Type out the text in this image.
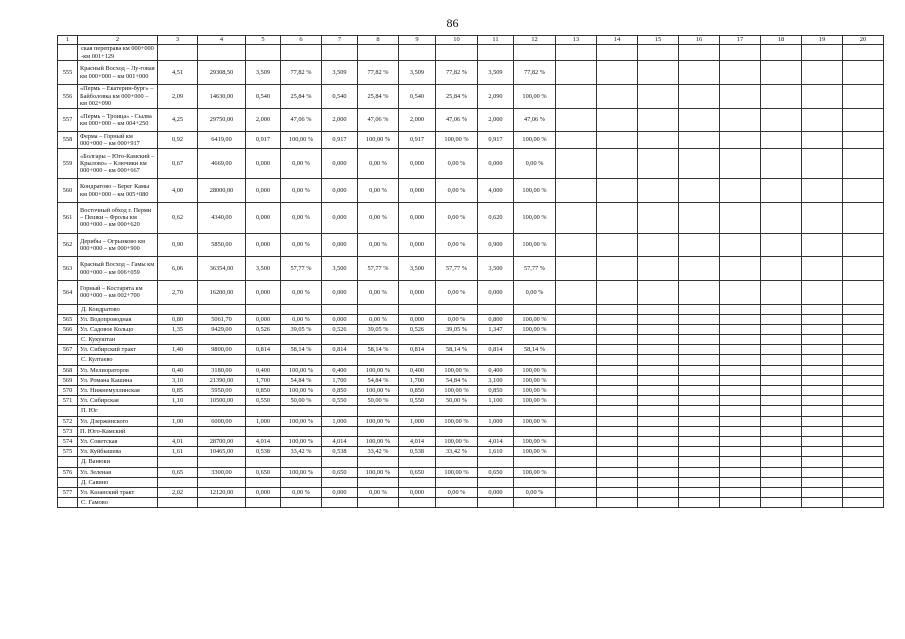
86
1	2	3	4	5	6	7	8	9	10	11	12	13	14	15	16	17	18	19	20
	ская переправа км 000+000 -км 001+129																		
555	Красный Восход – Лу-говая км 000+000 – км 001+000	4,51	29308,50	3,509	77,82 %	3,509	77,82 %	3,509	77,82 %	3,509	77,82 %								
556	«Пермь – Екатерин-бург» – Байболовка км 000+000 – км 002+090	2,09	14630,00	0,540	25,84 %	0,540	25,84 %	0,540	25,84 %	2,090	100,00 %								
557	«Пермь – Троица» - Сылва км 000+000 – км 004+250	4,25	29750,00	2,000	47,06 %	2,000	47,06 %	2,000	47,06 %	2,000	47,06 %								
558	Ферма – Горный км 000+000 – км 000+917	0,92	6419,00	0,917	100,00 %	0,917	100,00 %	0,917	100,00 %	0,917	100,00 %								
559	«Болгары – Юго-Камский – Крылово» – Ключики км 000+000 – км 000+667	0,67	4669,00	0,000	0,00 %	0,000	0,00 %	0,000	0,00 %	0,000	0,00 %								
560	Кондратово – Берег Камы км 000+000 – км 005+080	4,00	28000,00	0,000	0,00 %	0,000	0,00 %	0,000	0,00 %	4,000	100,00 %								
561	Восточный обход г. Перми – Пешки – Фролы км 000+000 – км 000+620	0,62	4340,00	0,000	0,00 %	0,000	0,00 %	0,000	0,00 %	0,620	100,00 %								
562	Дерибы – Огрызково км 000+000 – км 000+900	0,90	5850,00	0,000	0,00 %	0,000	0,00 %	0,000	0,00 %	0,900	100,00 %								
563	Красный Восход – Гамы км 000+000 – км 006+059	6,06	36354,00	3,500	57,77 %	3,500	57,77 %	3,500	57,77 %	3,500	57,77 %								
564	Горный – Костарята км 000+000 – км 002+700	2,70	16200,00	0,000	0,00 %	0,000	0,00 %	0,000	0,00 %	0,000	0,00 %								
	Д. Кондратово																		
565	Ул. Водопроводная	0,80	5061,70	0,000	0,00 %	0,000	0,00 %	0,000	0,00 %	0,800	100,00 %								
566	Ул. Садовое Кольцо	1,35	9429,00	0,526	39,05 %	0,526	39,05 %	0,526	39,05 %	1,347	100,00 %								
	С. Кукуштан																		
567	Ул. Сибирский тракт	1,40	9800,00	0,814	58,14 %	0,814	58,14 %	0,814	58,14 %	0,814	58,14 %								
	С. Култаево																		
568	Ул. Мелиораторов	0,40	3180,00	0,400	100,00 %	0,400	100,00 %	0,400	100,00 %	0,400	100,00 %								
569	Ул. Романа Кашина	3,10	21390,00	1,700	54,84 %	1,700	54,84 %	1,700	54,84 %	3,100	100,00 %								
570	Ул. Нижнемуллинская	0,85	5950,00	0,850	100,00 %	0,850	100,00 %	0,850	100,00 %	0,850	100,00 %								
571	Ул. Сибирская	1,10	10500,00	0,550	50,00 %	0,550	50,00 %	0,550	50,00 %	1,100	100,00 %								
	П. Юг																		
572	Ул. Дзержинского	1,00	6000,00	1,000	100,00 %	1,000	100,00 %	1,000	100,00 %	1,000	100,00 %								
573	П. Юго-Камский																		
574	Ул. Советская	4,01	28700,00	4,014	100,00 %	4,014	100,00 %	4,014	100,00 %	4,014	100,00 %								
575	Ул. Куйбышева	1,61	10465,00	0,538	33,42 %	0,538	33,42 %	0,538	33,42 %	1,610	100,00 %								
	Д. Ванюки																		
576	Ул. Зеленая	0,65	3300,00	0,650	100,00 %	0,650	100,00 %	0,650	100,00 %	0,650	100,00 %								
	Д. Савино																		
577	Ул. Казанский тракт	2,02	12120,00	0,000	0,00 %	0,000	0,00 %	0,000	0,00 %	0,000	0,00 %								
	С. Гамово																		
